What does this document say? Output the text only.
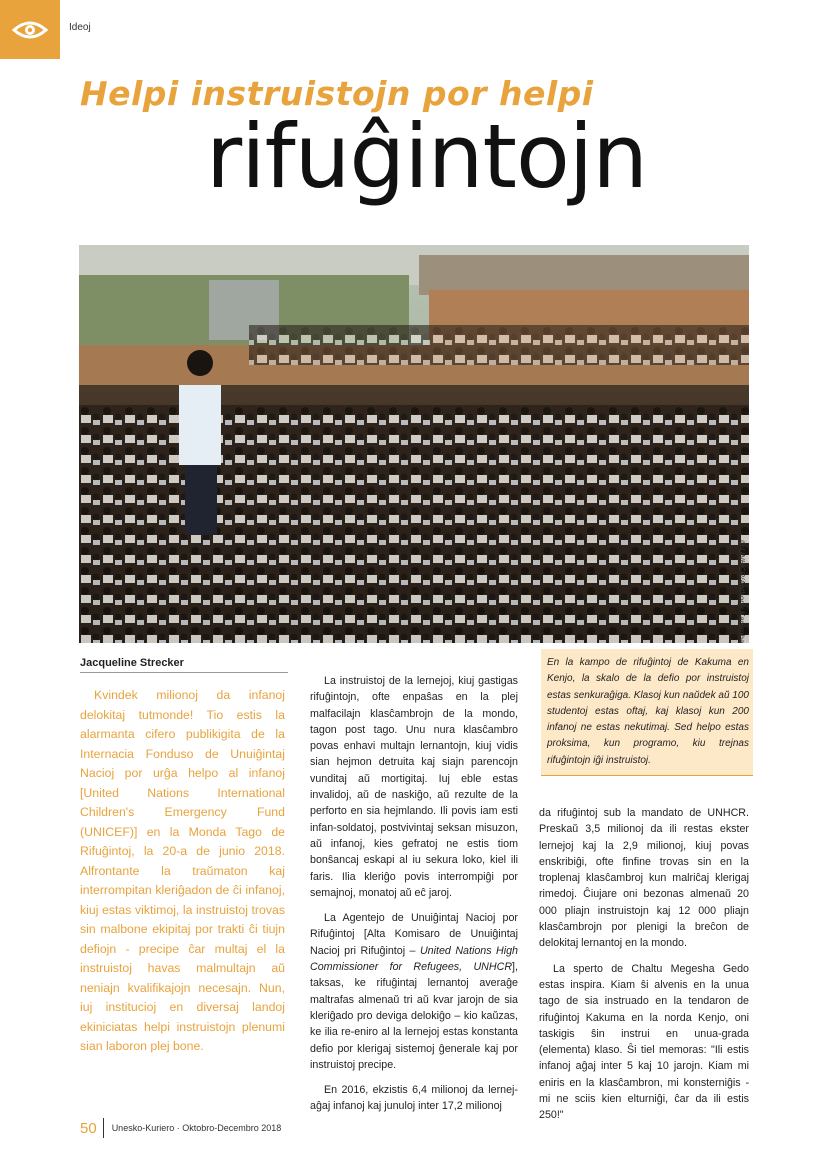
Ideoj
Helpi instruistojn por helpi
rifuĝintojn
© UNHCR/Anthony Karumba
Jacqueline Strecker

Kvindek milionoj da infanoj delokitaj tutmonde! Tio estis la alarmanta cifero publikigita de la Internacia Fonduso de Unuiĝintaj Nacioj por urĝa helpo al infanoj [United Nations International Children's Emergency Fund (UNICEF)] en la Monda Tago de Rifuĝintoj, la 20-a de junio 2018. Alfrontante la traŭmaton kaj interrompitan kleriĝadon de ĉi infanoj, kiuj estas viktimoj, la instruistoj trovas sin malbone ekipitaj por trakti ĉi tiujn defiojn - precipe ĉar multaj el la instruistoj havas malmultajn aŭ neniajn kvalifikajojn necesajn. Nun, iuj institucioj en diversaj landoj ekiniciatas helpi instruistojn plenumi sian laboron plej bone.

La instruistoj de la lernejoj, kiuj gastigas rifuĝintojn, ofte enpaŝas en la plej malfacilajn klasĉambrojn de la mondo, tagon post tago. Unu nura klasĉambro povas enhavi multajn lernantojn, kiuj vidis sian hejmon detruita kaj siajn parencojn vunditaj aŭ mortigitaj. Iuj eble estas invalidoj, aŭ de naskiĝo, aŭ rezulte de la perforto en sia hejmlando. Ili povis iam esti infan-soldatoj, postvivintaj seksan misuzon, aŭ infanoj, kies gefratoj ne estis tiom bonŝancaj eskapi al iu sekura loko, kiel ili faris. Ilia kleriĝo povis interrompiĝi por semajnoj, monatoj aŭ eĉ jaroj.

La Agentejo de Unuiĝintaj Nacioj por Rifuĝintoj [Alta Komisaro de Unuiĝintaj Nacioj pri Rifuĝintoj – United Nations High Commissioner for Refugees, UNHCR], taksas, ke rifuĝintaj lernantoj averaĝe maltrafas almenaŭ tri aŭ kvar jarojn de sia kleriĝado pro deviga delokiĝo – kio kaŭzas, ke ilia re-eniro al la lernejoj estas konstanta defio por klerigaj sistemoj ĝenerale kaj por instruistoj precipe.

En 2016, ekzistis 6,4 milionoj da lernej-aĝaj infanoj kaj junuloj inter 17,2 milionoj

En la kampo de rifuĝintoj de Kakuma en Kenjo, la skalo de la defio por instruistoj estas senkuraĝiga. Klasoj kun naŭdek aŭ 100 studentoj estas oftaj, kaj klasoj kun 200 infanoj ne estas nekutimaj. Sed helpo estas proksima, kun programo, kiu trejnas rifuĝintojn iĝi instruistoj.

da rifuĝintoj sub la mandato de UNHCR. Preskaŭ 3,5 milionoj da ili restas ekster lernejoj kaj la 2,9 milionoj, kiuj povas enskribiĝi, ofte finfine trovas sin en la troplenaj klasĉambroj kun malriĉaj klerigaj rimedoj. Ĉiujare oni bezonas almenaŭ 20 000 pliajn instruistojn kaj 12 000 pliajn klasĉambrojn por plenigi la breĉon de delokitaj lernantoj en la mondo.

La sperto de Chaltu Megesha Gedo estas inspira. Kiam ŝi alvenis en la unua tago de sia instruado en la tendaron de rifuĝintoj Kakuma en la norda Kenjo, oni taskigis ŝin instrui en unua-grada (elementa) klaso. Ŝi tiel memoras: "Ili estis infanoj aĝaj inter 5 kaj 10 jarojn. Kiam mi eniris en la klasĉambron, mi konsterniĝis - mi ne sciis kien elturniĝi, ĉar da ili estis 250!"

50 Unesko-Kuriero · Oktobro-Decembro 2018
